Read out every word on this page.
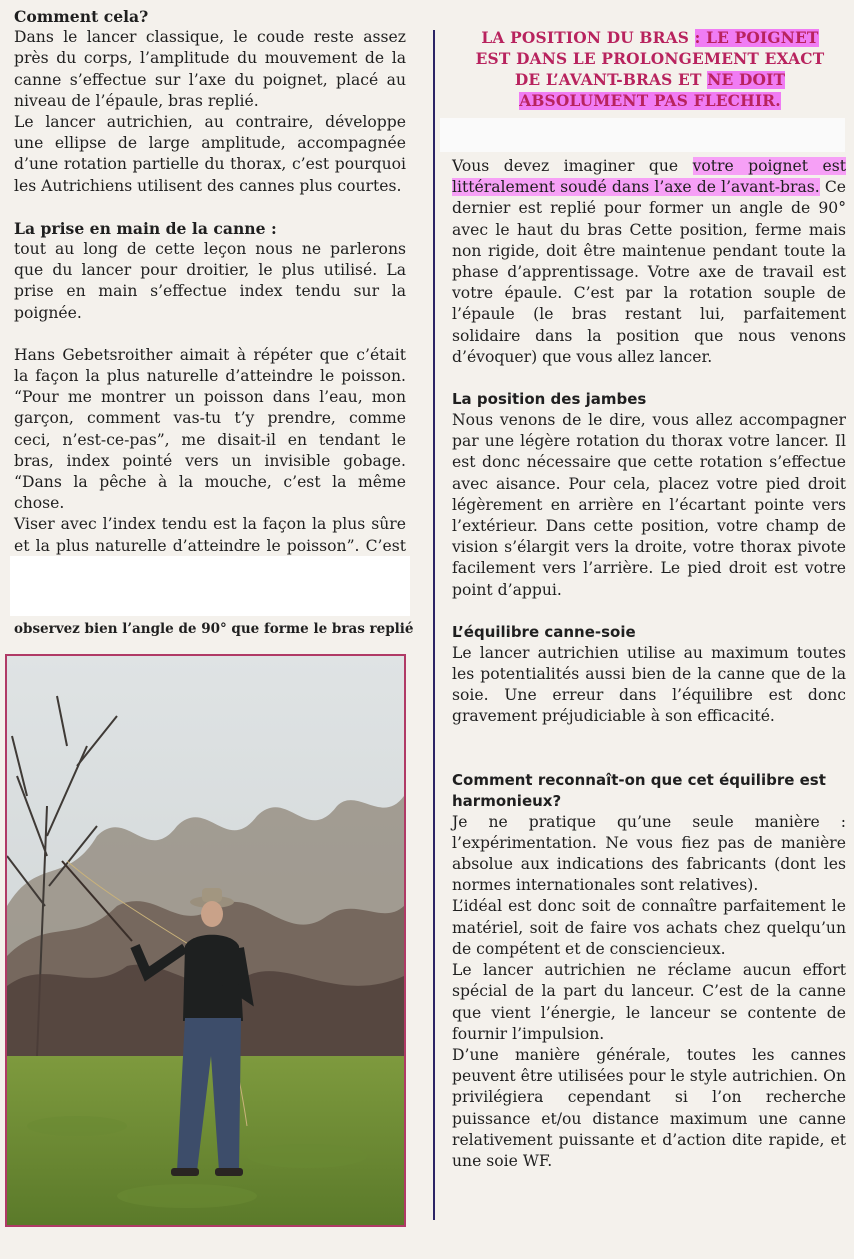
Comment cela?

Dans le lancer classique, le coude reste assez près du corps, l’amplitude du mouvement de la canne s’effectue sur l’axe du poignet, placé au niveau de l’épaule, bras replié.

Le lancer autrichien, au contraire, développe une ellipse de large amplitude, accompagnée d’une rotation partielle du thorax, c’est pourquoi les Autrichiens utilisent des cannes plus courtes.

La prise en main de la canne :

tout au long de cette leçon nous ne parlerons que du lancer pour droitier, le plus utilisé. La prise en main s’effectue index tendu sur la poignée.

Hans Gebetsroither aimait à répéter que c’était la façon la plus naturelle d’atteindre le poisson. “Pour me montrer un poisson dans l’eau, mon garçon, comment vas-tu t’y prendre, comme ceci, n’est-ce-pas”, me disait-il en tendant le bras, index pointé vers un invisible gobage. “Dans la pêche à la mouche, c’est la même chose.

Viser avec l’index tendu est la façon la plus sûre et la plus naturelle d’atteindre le poisson”. C’est

observez bien l’angle de 90° que forme le bras replié
LA POSITION DU BRAS : LE POIGNET
EST DANS LE PROLONGEMENT EXACT
DE L’AVANT-BRAS ET NE DOIT
ABSOLUMENT PAS FLECHIR.

Vous devez imaginer que votre poignet est littéralement soudé dans l’axe de l’avant-bras. Ce dernier est replié pour former un angle de 90° avec le haut du bras Cette position, ferme mais non rigide, doit être maintenue pendant toute la phase d’apprentissage. Votre axe de travail est votre épaule. C’est par la rotation souple de l’épaule (le bras restant lui, parfaitement solidaire dans la position que nous venons d’évoquer) que vous allez lancer.

La position des jambes

Nous venons de le dire, vous allez accompagner par une légère rotation du thorax votre lancer. Il est donc nécessaire que cette rotation s’effectue avec aisance. Pour cela, placez votre pied droit légèrement en arrière en l’écartant pointe vers l’extérieur. Dans cette position, votre champ de vision s’élargit vers la droite, votre thorax pivote facilement vers l’arrière. Le pied droit est votre point d’appui.

L’équilibre canne-soie

Le lancer autrichien utilise au maximum toutes les potentialités aussi bien de la canne que de la soie. Une erreur dans l’équilibre est donc gravement préjudiciable à son efficacité.

Comment reconnaît-on que cet équilibre est harmonieux?

Je ne pratique qu’une seule manière : l’expérimentation. Ne vous fiez pas de manière absolue aux indications des fabricants (dont les normes internationales sont relatives).

L’idéal est donc soit de connaître parfaitement le matériel, soit de faire vos achats chez quelqu’un de compétent et de consciencieux.

Le lancer autrichien ne réclame aucun effort spécial de la part du lanceur. C’est de la canne que vient l’énergie, le lanceur se contente de fournir l’impulsion.

D’une manière générale, toutes les cannes peuvent être utilisées pour le style autrichien. On privilégiera cependant si l’on recherche puissance et/ou distance maximum une canne relativement puissante et d’action dite rapide, et une soie WF.
